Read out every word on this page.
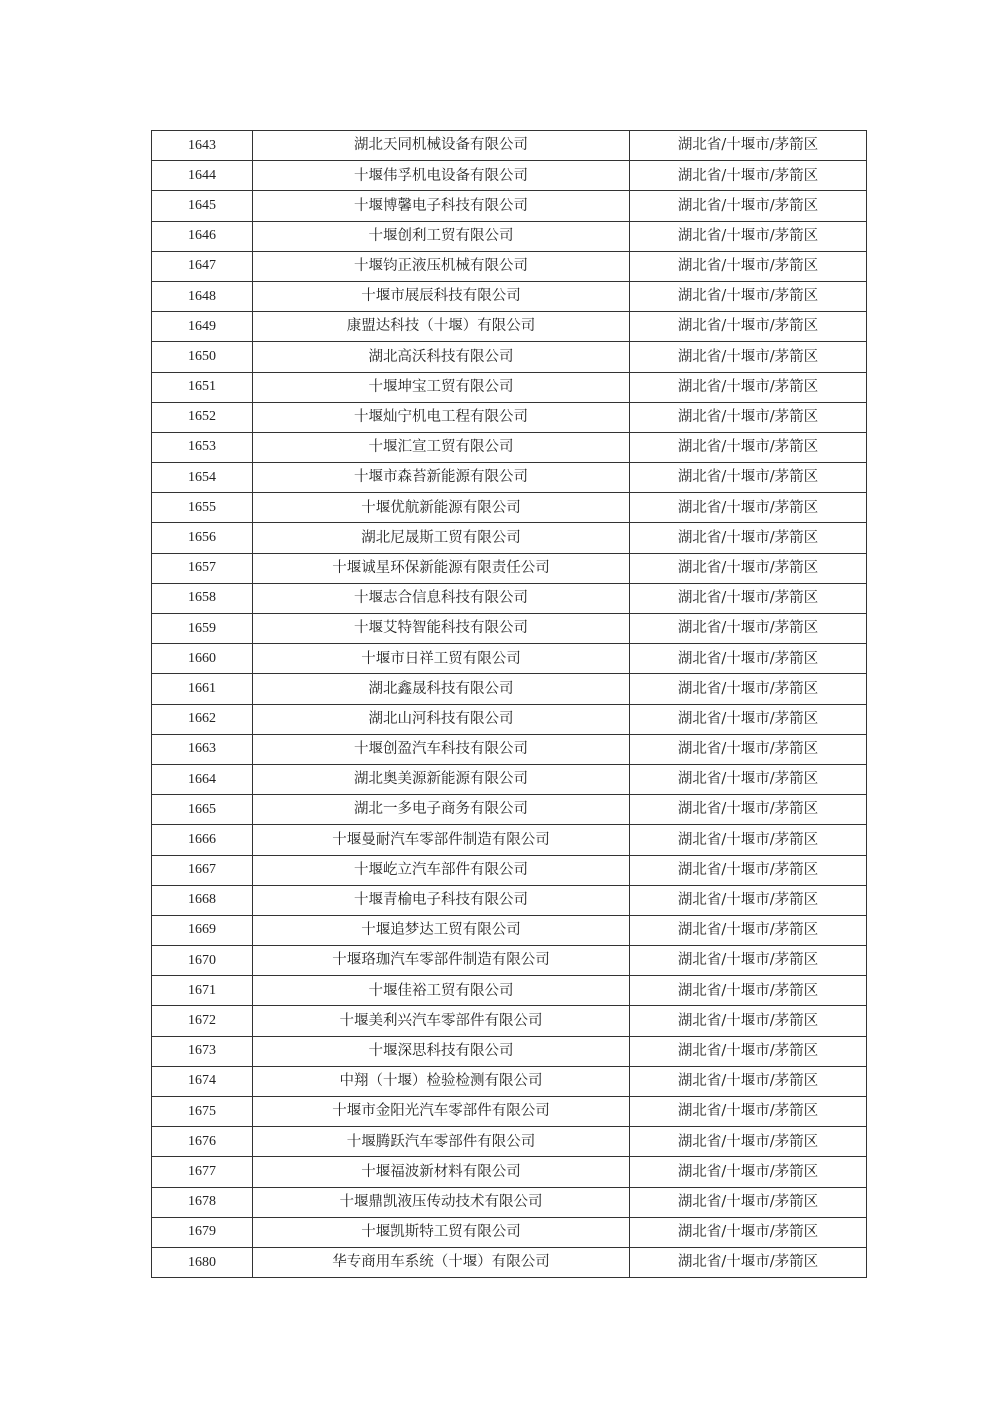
1643	湖北天同机械设备有限公司	湖北省/十堰市/茅箭区
1644	十堰伟孚机电设备有限公司	湖北省/十堰市/茅箭区
1645	十堰博馨电子科技有限公司	湖北省/十堰市/茅箭区
1646	十堰创利工贸有限公司	湖北省/十堰市/茅箭区
1647	十堰钧正液压机械有限公司	湖北省/十堰市/茅箭区
1648	十堰市展辰科技有限公司	湖北省/十堰市/茅箭区
1649	康盟达科技（十堰）有限公司	湖北省/十堰市/茅箭区
1650	湖北高沃科技有限公司	湖北省/十堰市/茅箭区
1651	十堰坤宝工贸有限公司	湖北省/十堰市/茅箭区
1652	十堰灿宁机电工程有限公司	湖北省/十堰市/茅箭区
1653	十堰汇宣工贸有限公司	湖北省/十堰市/茅箭区
1654	十堰市森苔新能源有限公司	湖北省/十堰市/茅箭区
1655	十堰优航新能源有限公司	湖北省/十堰市/茅箭区
1656	湖北尼晟斯工贸有限公司	湖北省/十堰市/茅箭区
1657	十堰诚星环保新能源有限责任公司	湖北省/十堰市/茅箭区
1658	十堰志合信息科技有限公司	湖北省/十堰市/茅箭区
1659	十堰艾特智能科技有限公司	湖北省/十堰市/茅箭区
1660	十堰市日祥工贸有限公司	湖北省/十堰市/茅箭区
1661	湖北鑫晟科技有限公司	湖北省/十堰市/茅箭区
1662	湖北山河科技有限公司	湖北省/十堰市/茅箭区
1663	十堰创盈汽车科技有限公司	湖北省/十堰市/茅箭区
1664	湖北奥美源新能源有限公司	湖北省/十堰市/茅箭区
1665	湖北一多电子商务有限公司	湖北省/十堰市/茅箭区
1666	十堰曼耐汽车零部件制造有限公司	湖北省/十堰市/茅箭区
1667	十堰屹立汽车部件有限公司	湖北省/十堰市/茅箭区
1668	十堰青榆电子科技有限公司	湖北省/十堰市/茅箭区
1669	十堰追梦达工贸有限公司	湖北省/十堰市/茅箭区
1670	十堰珞珈汽车零部件制造有限公司	湖北省/十堰市/茅箭区
1671	十堰佳裕工贸有限公司	湖北省/十堰市/茅箭区
1672	十堰美利兴汽车零部件有限公司	湖北省/十堰市/茅箭区
1673	十堰深思科技有限公司	湖北省/十堰市/茅箭区
1674	中翔（十堰）检验检测有限公司	湖北省/十堰市/茅箭区
1675	十堰市金阳光汽车零部件有限公司	湖北省/十堰市/茅箭区
1676	十堰腾跃汽车零部件有限公司	湖北省/十堰市/茅箭区
1677	十堰福波新材料有限公司	湖北省/十堰市/茅箭区
1678	十堰鼎凯液压传动技术有限公司	湖北省/十堰市/茅箭区
1679	十堰凯斯特工贸有限公司	湖北省/十堰市/茅箭区
1680	华专商用车系统（十堰）有限公司	湖北省/十堰市/茅箭区
